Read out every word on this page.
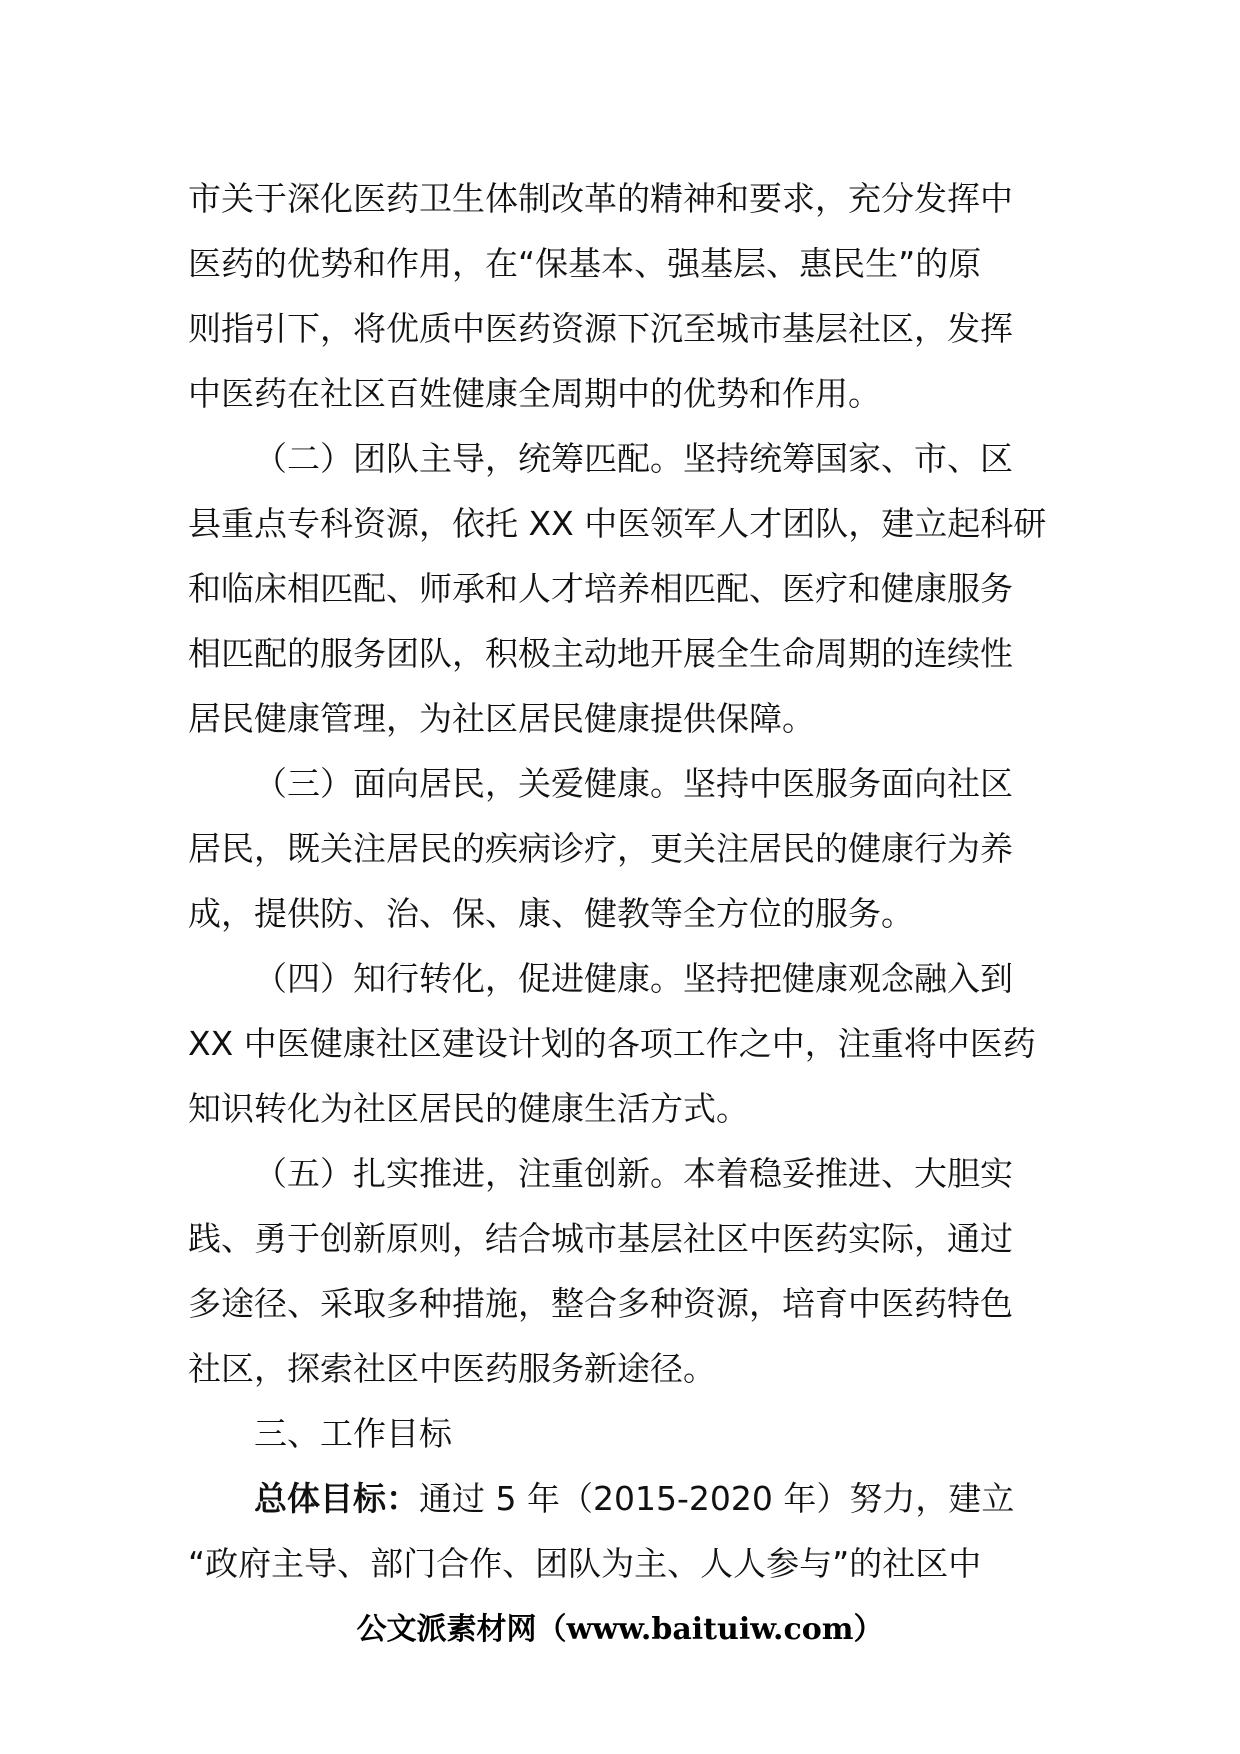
市关于深化医药卫生体制改革的精神和要求，充分发挥中
医药的优势和作用，在“保基本、强基层、惠民生”的原
则指引下，将优质中医药资源下沉至城市基层社区，发挥
中医药在社区百姓健康全周期中的优势和作用。
（二）团队主导，统筹匹配。坚持统筹国家、市、区
县重点专科资源，依托 XX 中医领军人才团队，建立起科研
和临床相匹配、师承和人才培养相匹配、医疗和健康服务
相匹配的服务团队，积极主动地开展全生命周期的连续性
居民健康管理，为社区居民健康提供保障。
（三）面向居民，关爱健康。坚持中医服务面向社区
居民，既关注居民的疾病诊疗，更关注居民的健康行为养
成，提供防、治、保、康、健教等全方位的服务。
（四）知行转化，促进健康。坚持把健康观念融入到
XX 中医健康社区建设计划的各项工作之中，注重将中医药
知识转化为社区居民的健康生活方式。
（五）扎实推进，注重创新。本着稳妥推进、大胆实
践、勇于创新原则，结合城市基层社区中医药实际，通过
多途径、采取多种措施，整合多种资源，培育中医药特色
社区，探索社区中医药服务新途径。
三、工作目标
总体目标：通过 5 年（2015-2020 年）努力，建立
“政府主导、部门合作、团队为主、人人参与”的社区中
公文派素材网（www.baituiw.com）
